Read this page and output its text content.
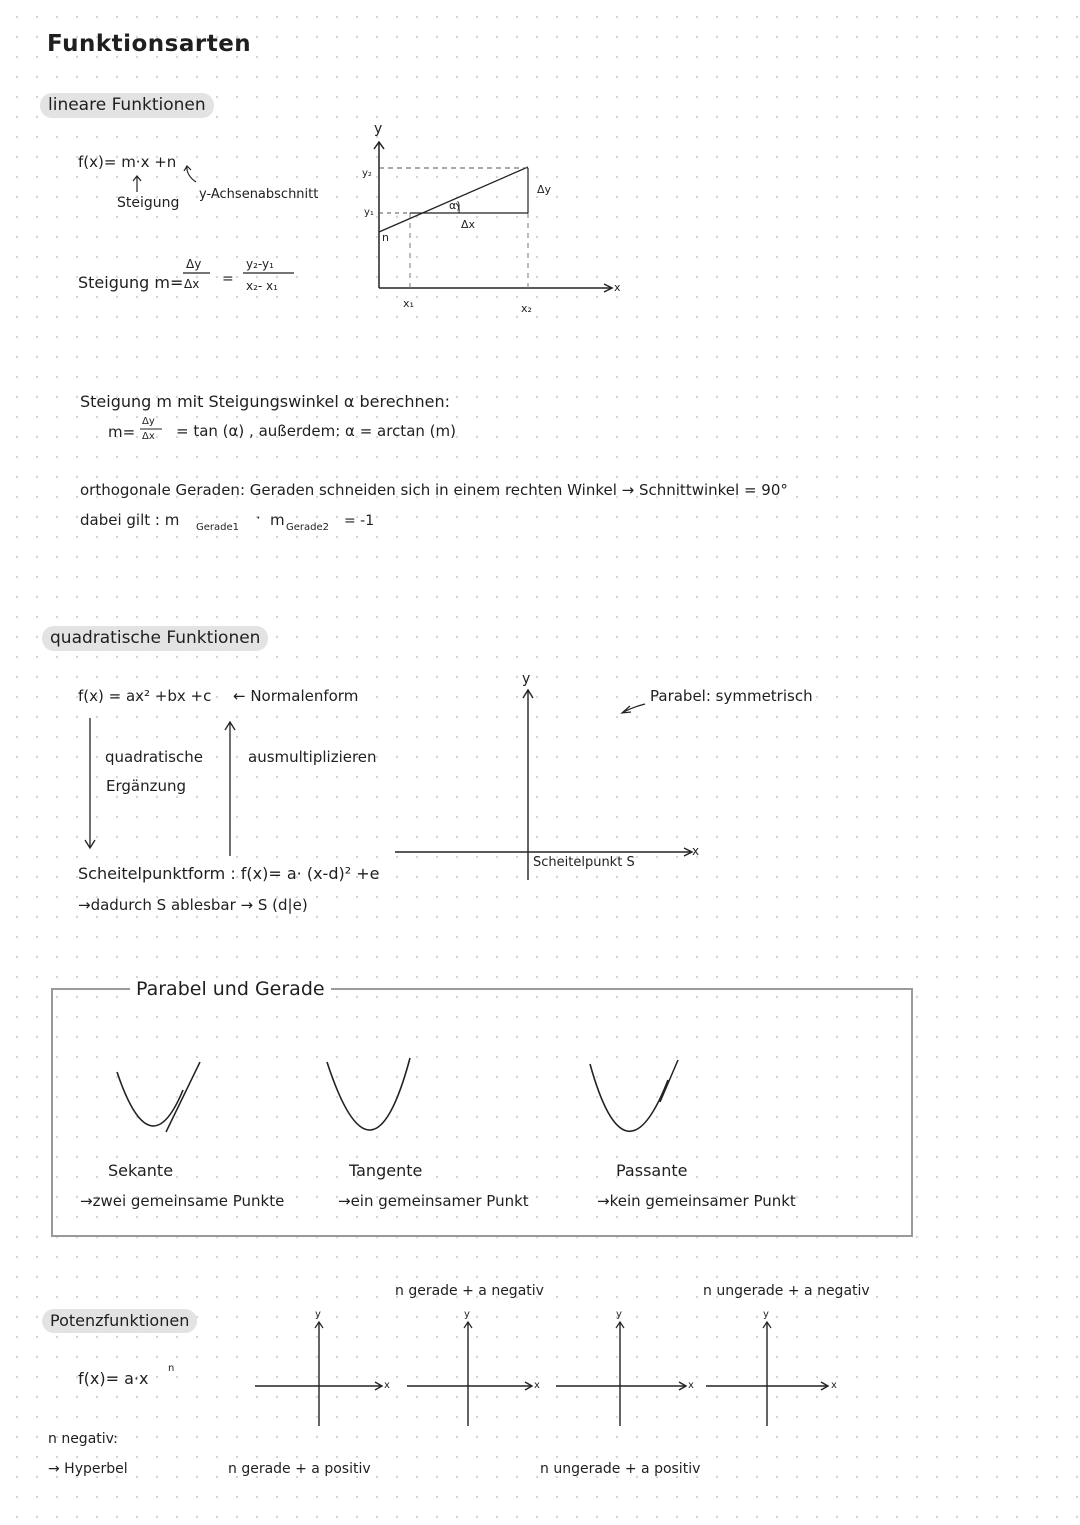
Funktionsarten
lineare Funktionen
f(x)= m·x +n
Steigung
y-Achsenabschnitt
Steigung m=
Δy
Δx =
y₂-y₁
x₂- x₁
y
y₂
y₁
n
α)
Δx
Δy
x₁	x₂
x
Steigung m mit Steigungswinkel α berechnen:
m=
Δy
Δx = tan (α) , außerdem: α = arctan (m)
orthogonale Geraden: Geraden schneiden sich in einem rechten Winkel → Schnittwinkel = 90°
dabei gilt : m Gerade1
· m Gerade2 = -1
quadratische Funktionen
f(x) = ax² +bx +c ← Normalenform
quadratische
Ergänzung
ausmultiplizieren
Scheitelpunktform : f(x)= a· (x-d)² +e
→dadurch S ablesbar → S (d|e)
y
x
Parabel: symmetrisch
Scheitelpunkt S
Parabel und Gerade
Sekante
→zwei gemeinsame Punkte
Tangente
→ein gemeinsamer Punkt
Passante
→kein gemeinsamer Punkt
Potenzfunktionen
f(x)= a·x
n
n negativ:
→ Hyperbel
n gerade + a negativ	n ungerade + a negativ
n gerade + a positiv	n ungerade + a positiv
x	x	x	x
y	y	y	y
